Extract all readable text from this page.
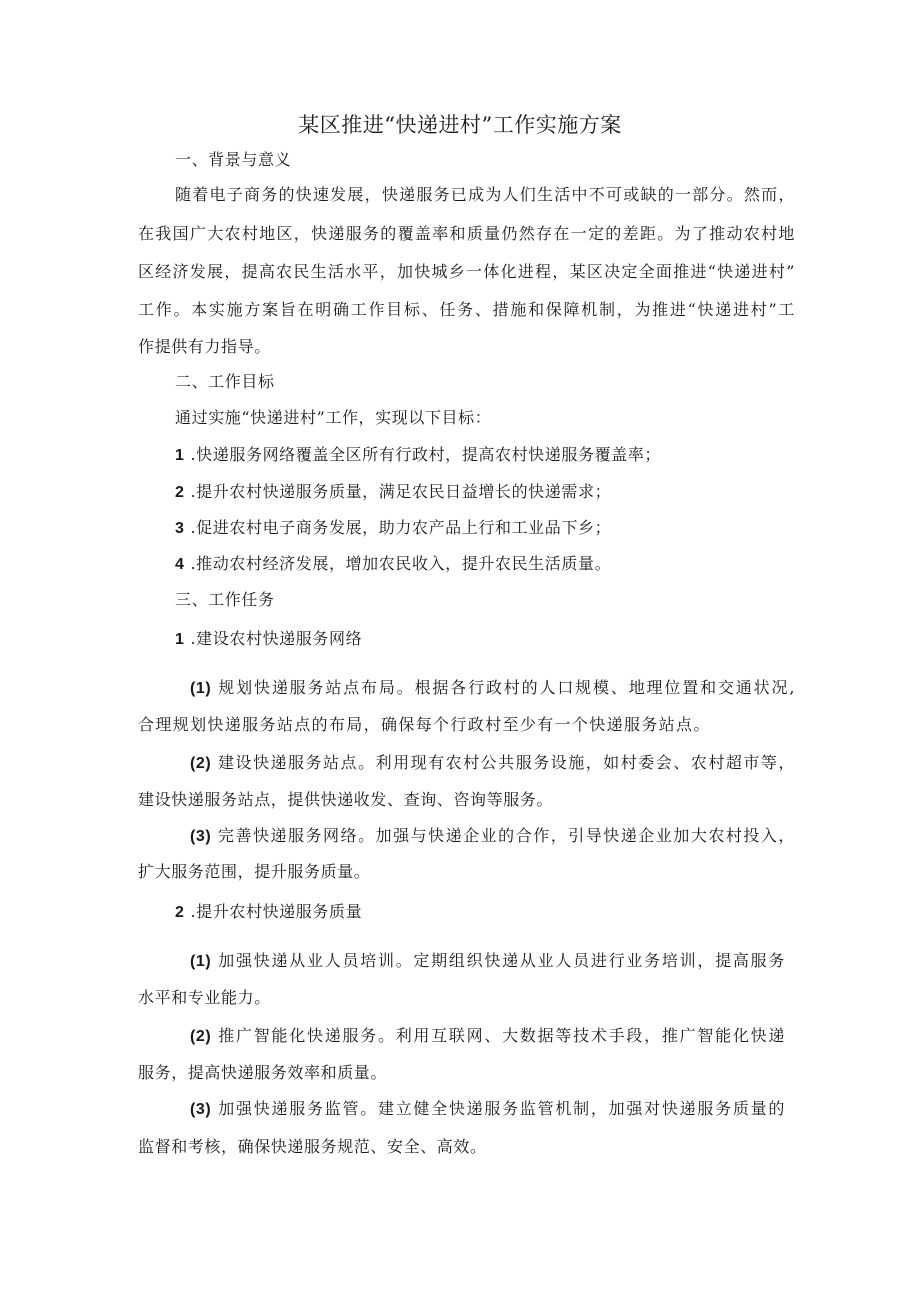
某区推进“快递进村”工作实施方案
一、背景与意义
随着电子商务的快速发展，快递服务已成为人们生活中不可或缺的一部分。然而，
在我国广大农村地区，快递服务的覆盖率和质量仍然存在一定的差距。为了推动农村地
区经济发展，提高农民生活水平，加快城乡一体化进程，某区决定全面推进“快递进村”
工作。本实施方案旨在明确工作目标、任务、措施和保障机制，为推进“快递进村”工
作提供有力指导。
二、工作目标
通过实施“快递进村”工作，实现以下目标：
1 .快递服务网络覆盖全区所有行政村，提高农村快递服务覆盖率；
2 .提升农村快递服务质量，满足农民日益增长的快递需求；
3 .促进农村电子商务发展，助力农产品上行和工业品下乡；
4 .推动农村经济发展，增加农民收入，提升农民生活质量。
三、工作任务
1 .建设农村快递服务网络
(1) 规划快递服务站点布局。根据各行政村的人口规模、地理位置和交通状况,
合理规划快递服务站点的布局，确保每个行政村至少有一个快递服务站点。
(2) 建设快递服务站点。利用现有农村公共服务设施，如村委会、农村超市等，
建设快递服务站点，提供快递收发、查询、咨询等服务。
(3) 完善快递服务网络。加强与快递企业的合作，引导快递企业加大农村投入，
扩大服务范围，提升服务质量。
2 .提升农村快递服务质量
(1) 加强快递从业人员培训。定期组织快递从业人员进行业务培训，提高服务
水平和专业能力。
(2) 推广智能化快递服务。利用互联网、大数据等技术手段，推广智能化快递
服务，提高快递服务效率和质量。
(3) 加强快递服务监管。建立健全快递服务监管机制，加强对快递服务质量的
监督和考核，确保快递服务规范、安全、高效。
